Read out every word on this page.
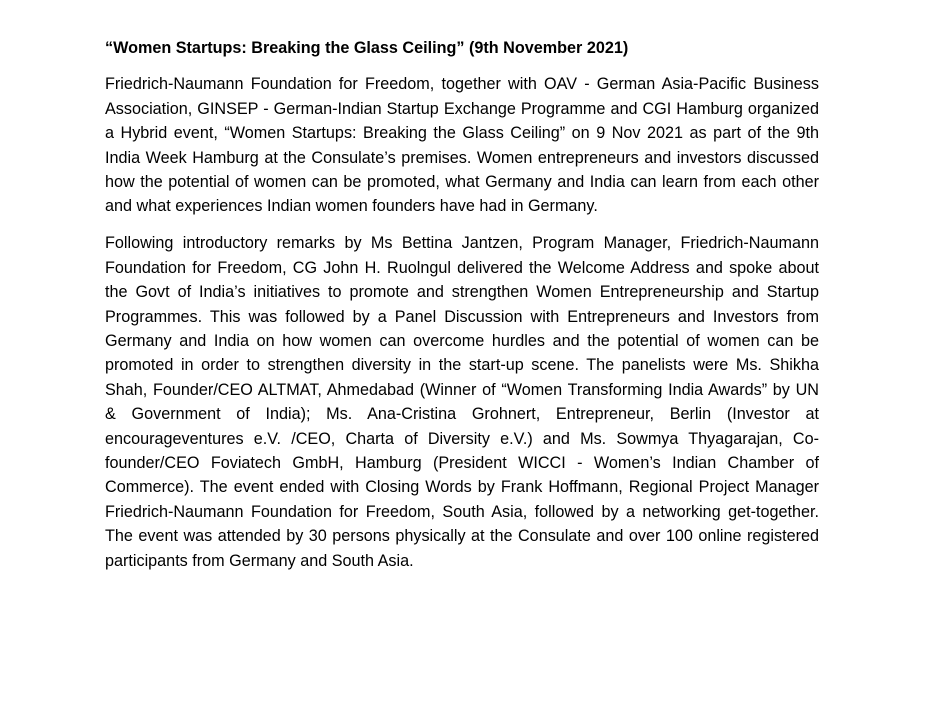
“Women Startups: Breaking the Glass Ceiling” (9th November 2021)

Friedrich-Naumann Foundation for Freedom, together with OAV - German Asia-Pacific Business Association, GINSEP - German-Indian Startup Exchange Programme and CGI Hamburg organized a Hybrid event, “Women Startups: Breaking the Glass Ceiling” on 9 Nov 2021 as part of the 9th India Week Hamburg at the Consulate’s premises. Women entrepreneurs and investors discussed how the potential of women can be promoted, what Germany and India can learn from each other and what experiences Indian women founders have had in Germany.

Following introductory remarks by Ms Bettina Jantzen, Program Manager, Friedrich-Naumann Foundation for Freedom, CG John H. Ruolngul delivered the Welcome Address and spoke about the Govt of India’s initiatives to promote and strengthen Women Entrepreneurship and Startup Programmes. This was followed by a Panel Discussion with Entrepreneurs and Investors from Germany and India on how women can overcome hurdles and the potential of women can be promoted in order to strengthen diversity in the start-up scene. The panelists were Ms. Shikha Shah, Founder/CEO ALTMAT, Ahmedabad (Winner of “Women Transforming India Awards” by UN & Government of India); Ms. Ana-Cristina Grohnert, Entrepreneur, Berlin (Investor at encourageventures e.V. /CEO, Charta of Diversity e.V.) and Ms. Sowmya Thyagarajan, Co-founder/CEO Foviatech GmbH, Hamburg (President WICCI - Women’s Indian Chamber of Commerce). The event ended with Closing Words by Frank Hoffmann, Regional Project Manager Friedrich-Naumann Foundation for Freedom, South Asia, followed by a networking get-together. The event was attended by 30 persons physically at the Consulate and over 100 online registered participants from Germany and South Asia.
